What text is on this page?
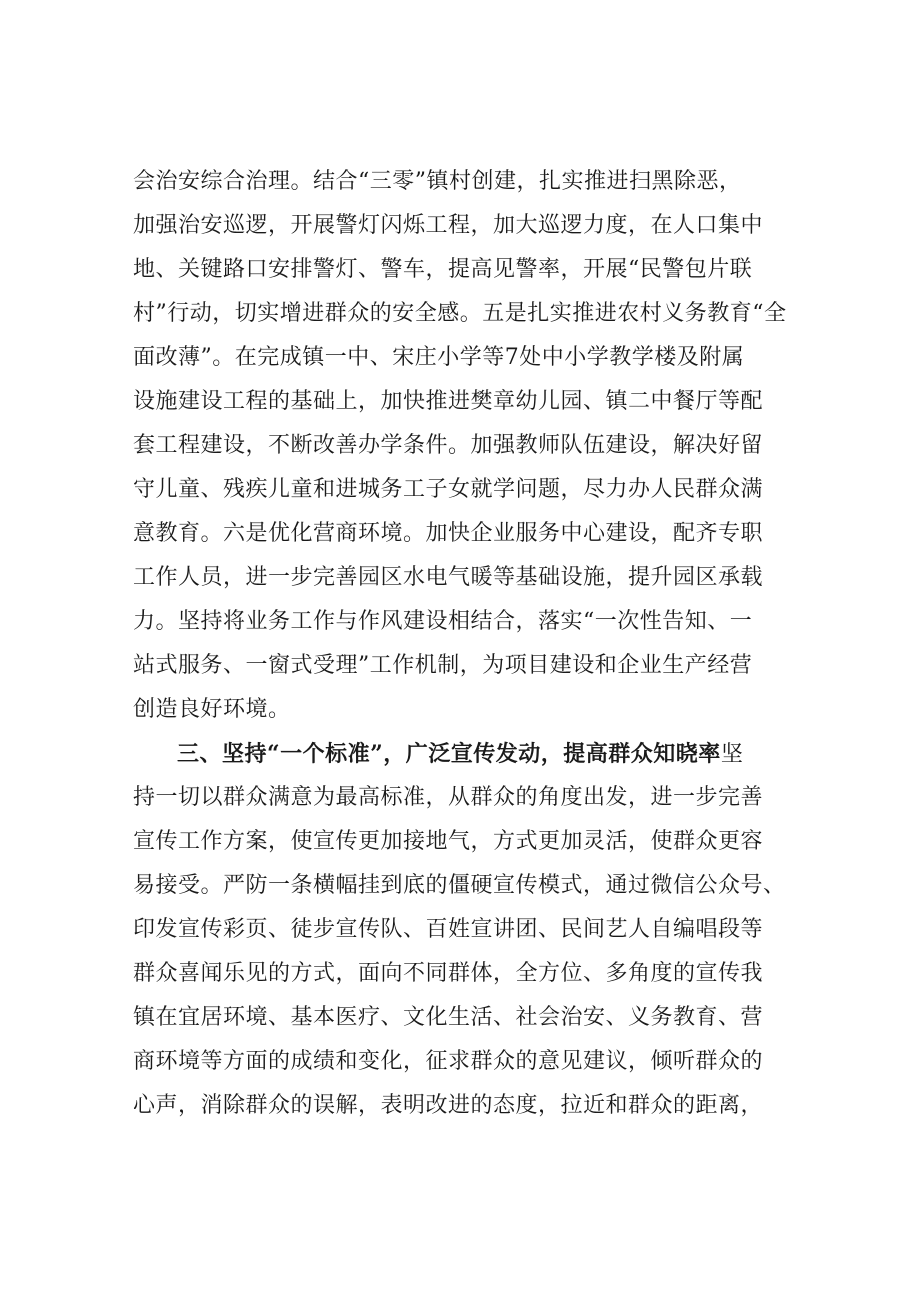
会治安综合治理。结合“三零”镇村创建，扎实推进扫黑除恶，
加强治安巡逻，开展警灯闪烁工程，加大巡逻力度，在人口集中
地、关键路口安排警灯、警车，提高见警率，开展“民警包片联
村”行动，切实增进群众的安全感。五是扎实推进农村义务教育“全
面改薄”。在完成镇一中、宋庄小学等7处中小学教学楼及附属
设施建设工程的基础上，加快推进樊章幼儿园、镇二中餐厅等配
套工程建设，不断改善办学条件。加强教师队伍建设，解决好留
守儿童、残疾儿童和进城务工子女就学问题，尽力办人民群众满
意教育。六是优化营商环境。加快企业服务中心建设，配齐专职
工作人员，进一步完善园区水电气暖等基础设施，提升园区承载
力。坚持将业务工作与作风建设相结合，落实“一次性告知、一
站式服务、一窗式受理”工作机制，为项目建设和企业生产经营
创造良好环境。
三、坚持“一个标准”，广泛宣传发动，提高群众知晓率坚
持一切以群众满意为最高标准，从群众的角度出发，进一步完善
宣传工作方案，使宣传更加接地气，方式更加灵活，使群众更容
易接受。严防一条横幅挂到底的僵硬宣传模式，通过微信公众号、
印发宣传彩页、徒步宣传队、百姓宣讲团、民间艺人自编唱段等
群众喜闻乐见的方式，面向不同群体，全方位、多角度的宣传我
镇在宜居环境、基本医疗、文化生活、社会治安、义务教育、营
商环境等方面的成绩和变化，征求群众的意见建议，倾听群众的
心声，消除群众的误解，表明改进的态度，拉近和群众的距离，
